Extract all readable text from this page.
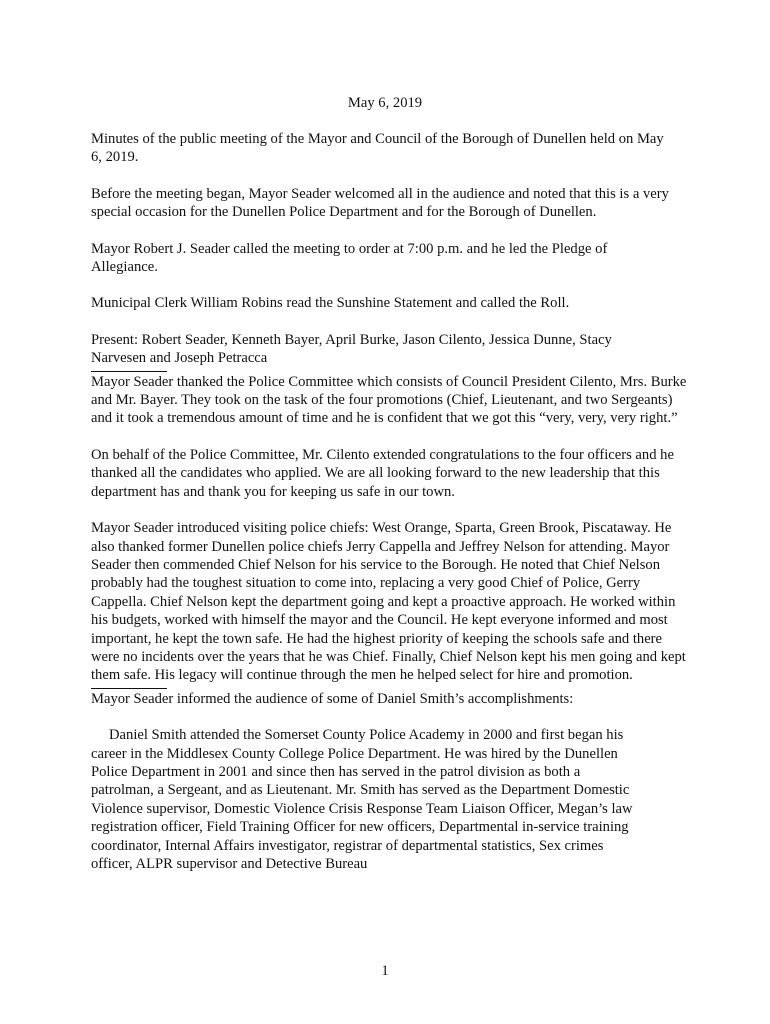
May 6, 2019

Minutes of the public meeting of the Mayor and Council of the Borough of Dunellen held on May 6, 2019.

Before the meeting began, Mayor Seader welcomed all in the audience and noted that this is a very special occasion for the Dunellen Police Department and for the Borough of Dunellen.

Mayor Robert J. Seader called the meeting to order at 7:00 p.m. and he led the Pledge of Allegiance.

Municipal Clerk William Robins read the Sunshine Statement and called the Roll.

Present: Robert Seader, Kenneth Bayer, April Burke, Jason Cilento, Jessica Dunne, Stacy Narvesen and Joseph Petracca

Mayor Seader thanked the Police Committee which consists of Council President Cilento, Mrs. Burke and Mr. Bayer. They took on the task of the four promotions (Chief, Lieutenant, and two Sergeants) and it took a tremendous amount of time and he is confident that we got this “very, very, very right.”

On behalf of the Police Committee, Mr. Cilento extended congratulations to the four officers and he thanked all the candidates who applied. We are all looking forward to the new leadership that this department has and thank you for keeping us safe in our town.

Mayor Seader introduced visiting police chiefs: West Orange, Sparta, Green Brook, Piscataway. He also thanked former Dunellen police chiefs Jerry Cappella and Jeffrey Nelson for attending. Mayor Seader then commended Chief Nelson for his service to the Borough. He noted that Chief Nelson probably had the toughest situation to come into, replacing a very good Chief of Police, Gerry Cappella. Chief Nelson kept the department going and kept a proactive approach. He worked within his budgets, worked with himself the mayor and the Council. He kept everyone informed and most important, he kept the town safe. He had the highest priority of keeping the schools safe and there were no incidents over the years that he was Chief. Finally, Chief Nelson kept his men going and kept them safe. His legacy will continue through the men he helped select for hire and promotion.

Mayor Seader informed the audience of some of Daniel Smith’s accomplishments:

Daniel Smith attended the Somerset County Police Academy in 2000 and first began his career in the Middlesex County College Police Department. He was hired by the Dunellen Police Department in 2001 and since then has served in the patrol division as both a patrolman, a Sergeant, and as Lieutenant. Mr. Smith has served as the Department Domestic Violence supervisor, Domestic Violence Crisis Response Team Liaison Officer, Megan’s law registration officer, Field Training Officer for new officers, Departmental in-service training coordinator, Internal Affairs investigator, registrar of departmental statistics, Sex crimes officer, ALPR supervisor and Detective Bureau

1
